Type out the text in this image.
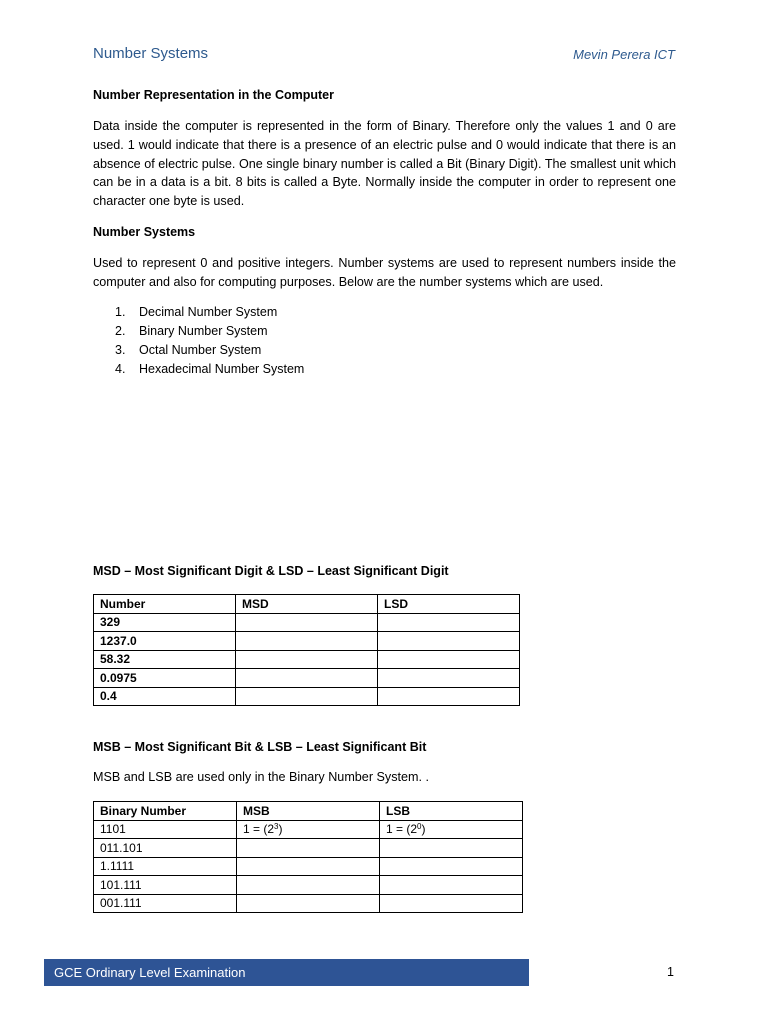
Number Systems	Mevin Perera ICT
Number Representation in the Computer
Data inside the computer is represented in the form of Binary. Therefore only the values 1 and 0 are used. 1 would indicate that there is a presence of an electric pulse and 0 would indicate that there is an absence of electric pulse. One single binary number is called a Bit (Binary Digit). The smallest unit which can be in a data is a bit. 8 bits is called a Byte. Normally inside the computer in order to represent one character one byte is used.
Number Systems
Used to represent 0 and positive integers. Number systems are used to represent numbers inside the computer and also for computing purposes. Below are the number systems which are used.
1.	Decimal Number System
2.	Binary Number System
3.	Octal Number System
4.	Hexadecimal Number System
MSD – Most Significant Digit & LSD – Least Significant Digit
Number	MSD	LSD
329		
1237.0		
58.32		
0.0975		
0.4		
MSB – Most Significant Bit & LSB – Least Significant Bit
MSB and LSB are used only in the Binary Number System. .
Binary Number	MSB	LSB
1101	$1 = (2^3)$	$1 = (2^0)$
011.101		
1.1111		
101.111		
001.111		
GCE Ordinary Level Examination	1
